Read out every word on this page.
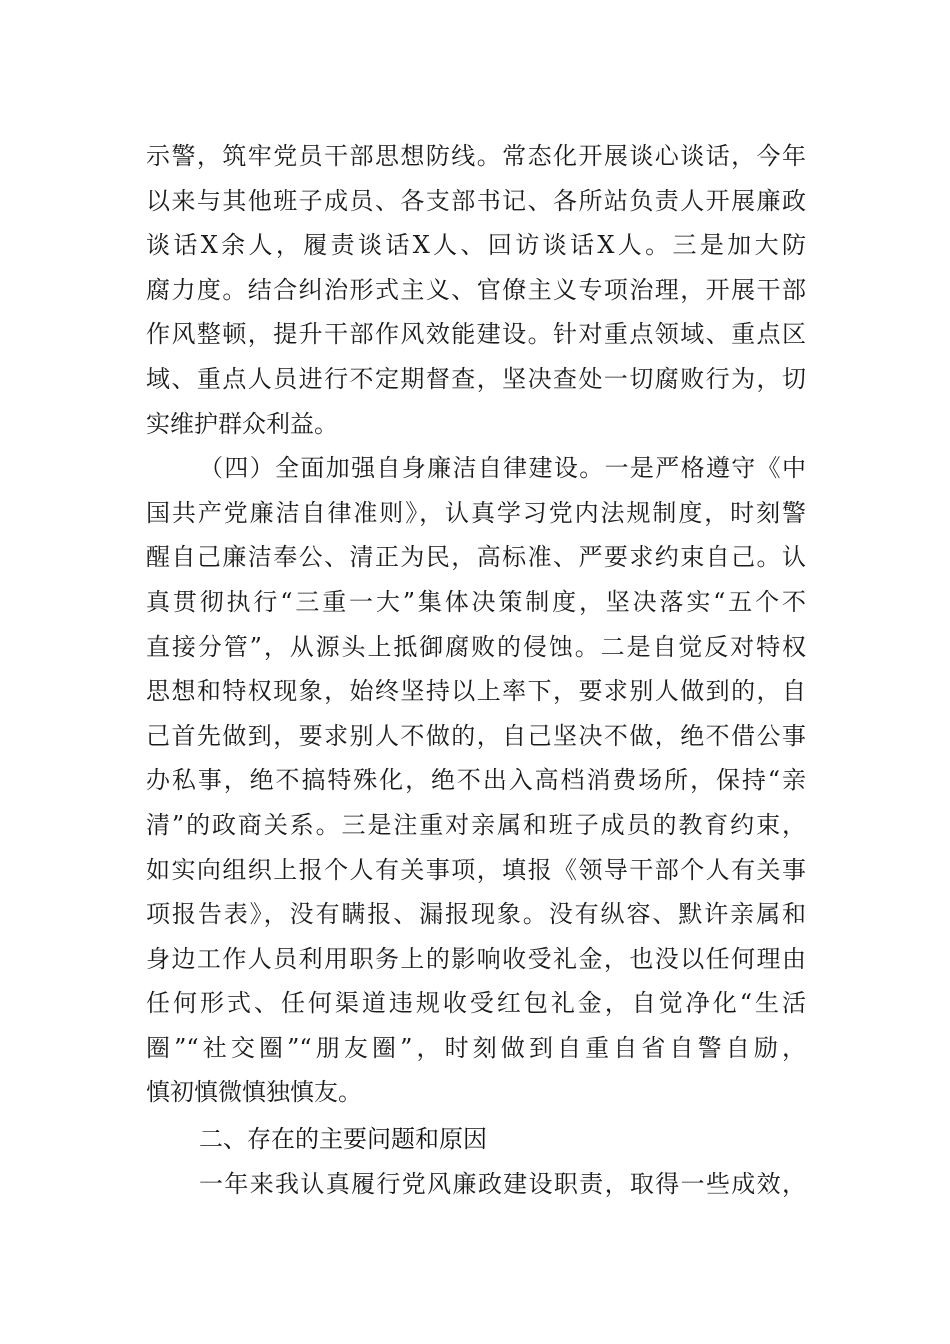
示警，筑牢党员干部思想防线。常态化开展谈心谈话，今年
以来与其他班子成员、各支部书记、各所站负责人开展廉政
谈话X余人，履责谈话X人、回访谈话X人。三是加大防
腐力度。结合纠治形式主义、官僚主义专项治理，开展干部
作风整顿，提升干部作风效能建设。针对重点领域、重点区
域、重点人员进行不定期督查，坚决查处一切腐败行为，切
实维护群众利益。
（四）全面加强自身廉洁自律建设。一是严格遵守《中
国共产党廉洁自律准则》，认真学习党内法规制度，时刻警
醒自己廉洁奉公、清正为民，高标准、严要求约束自己。认
真贯彻执行“三重一大”集体决策制度，坚决落实“五个不
直接分管”，从源头上抵御腐败的侵蚀。二是自觉反对特权
思想和特权现象，始终坚持以上率下，要求别人做到的，自
己首先做到，要求别人不做的，自己坚决不做，绝不借公事
办私事，绝不搞特殊化，绝不出入高档消费场所，保持“亲
清”的政商关系。三是注重对亲属和班子成员的教育约束，
如实向组织上报个人有关事项，填报《领导干部个人有关事
项报告表》，没有瞒报、漏报现象。没有纵容、默许亲属和
身边工作人员利用职务上的影响收受礼金，也没以任何理由
任何形式、任何渠道违规收受红包礼金，自觉净化“生活
圈”“社交圈”“朋友圈”，时刻做到自重自省自警自励，
慎初慎微慎独慎友。
二、存在的主要问题和原因
一年来我认真履行党风廉政建设职责，取得一些成效，
